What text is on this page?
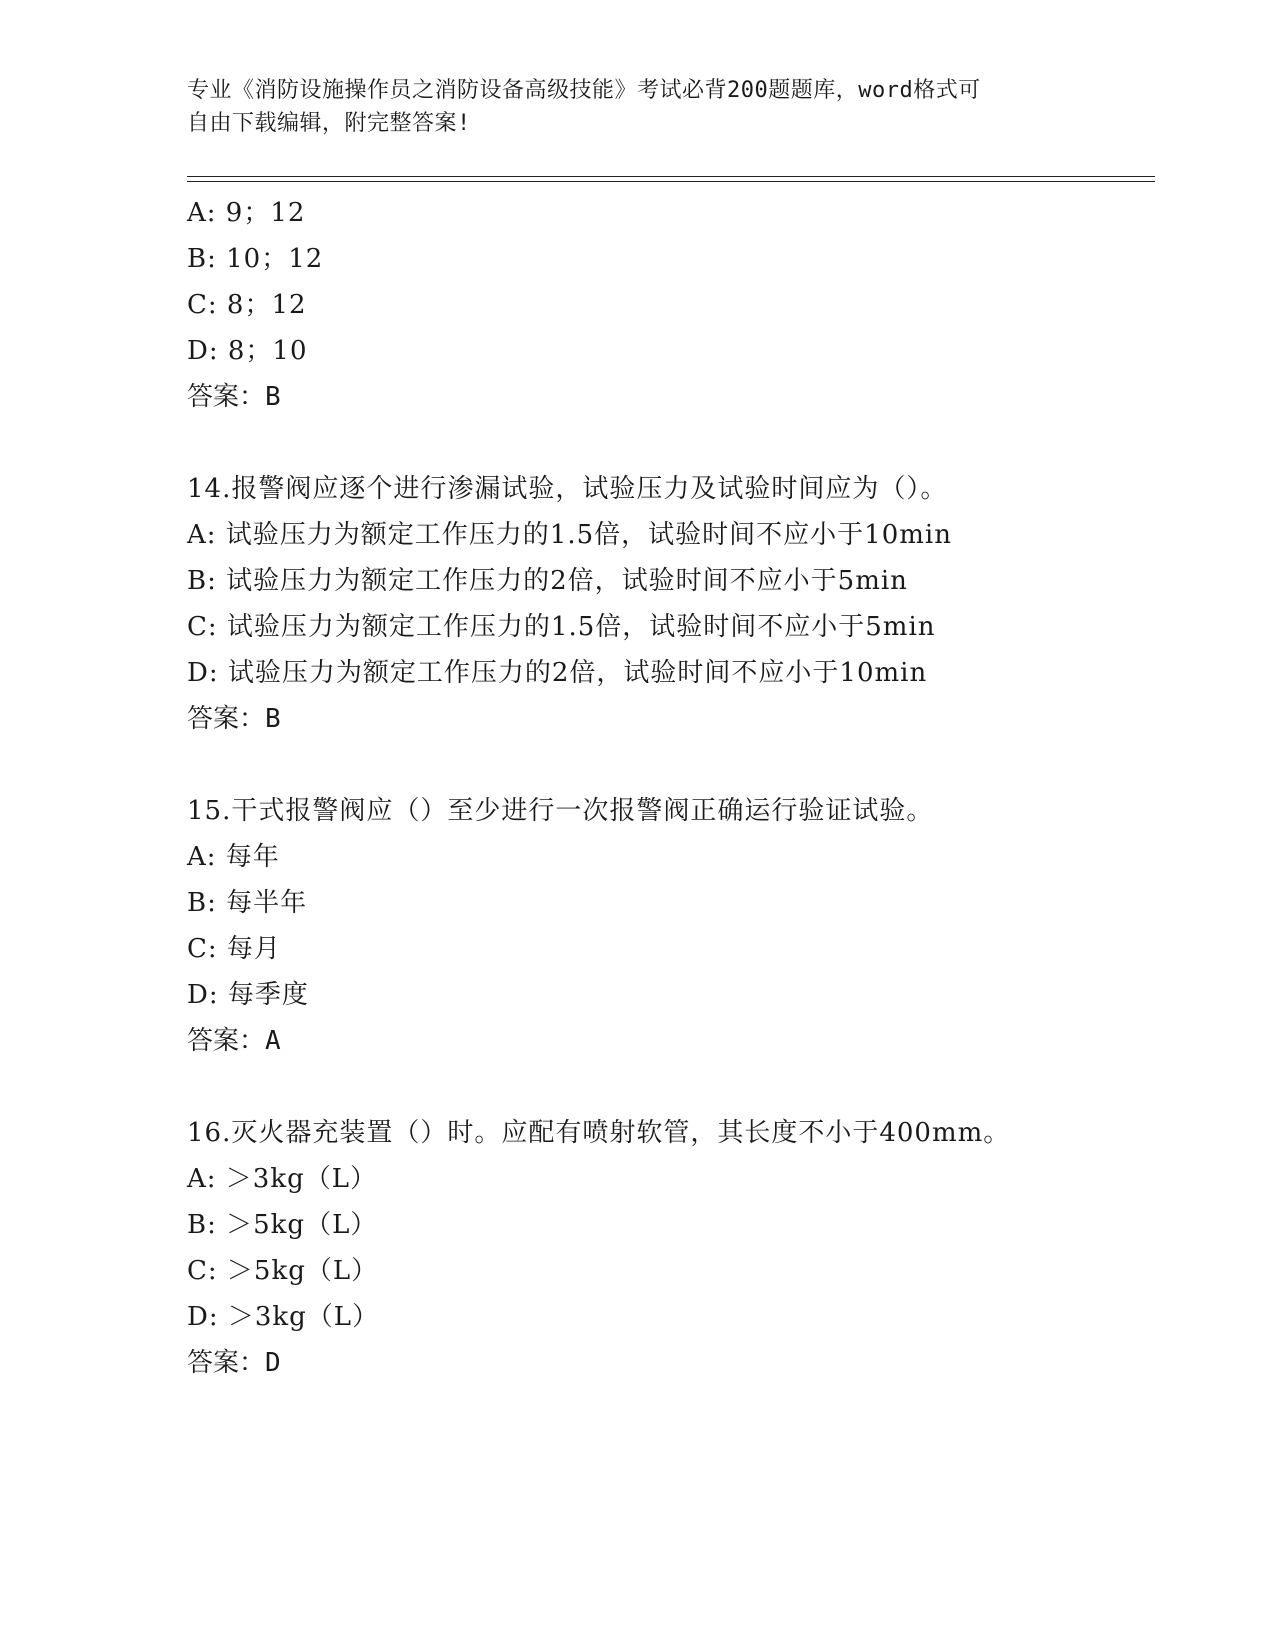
专业《消防设施操作员之消防设备高级技能》考试必背200题题库，word格式可
自由下载编辑，附完整答案!
A: 9；12
B: 10；12
C: 8；12
D: 8；10
答案：B
14.报警阀应逐个进行渗漏试验，试验压力及试验时间应为（）。
A: 试验压力为额定工作压力的1.5倍，试验时间不应小于10min
B: 试验压力为额定工作压力的2倍，试验时间不应小于5min
C: 试验压力为额定工作压力的1.5倍，试验时间不应小于5min
D: 试验压力为额定工作压力的2倍，试验时间不应小于10min
答案：B
15.干式报警阀应（）至少进行一次报警阀正确运行验证试验。
A: 每年
B: 每半年
C: 每月
D: 每季度
答案：A
16.灭火器充装置（）时。应配有喷射软管，其长度不小于400mm。
A: ＞3kg（L）
B: ＞5kg（L）
C: ＞5kg（L）
D: ＞3kg（L）
答案：D
